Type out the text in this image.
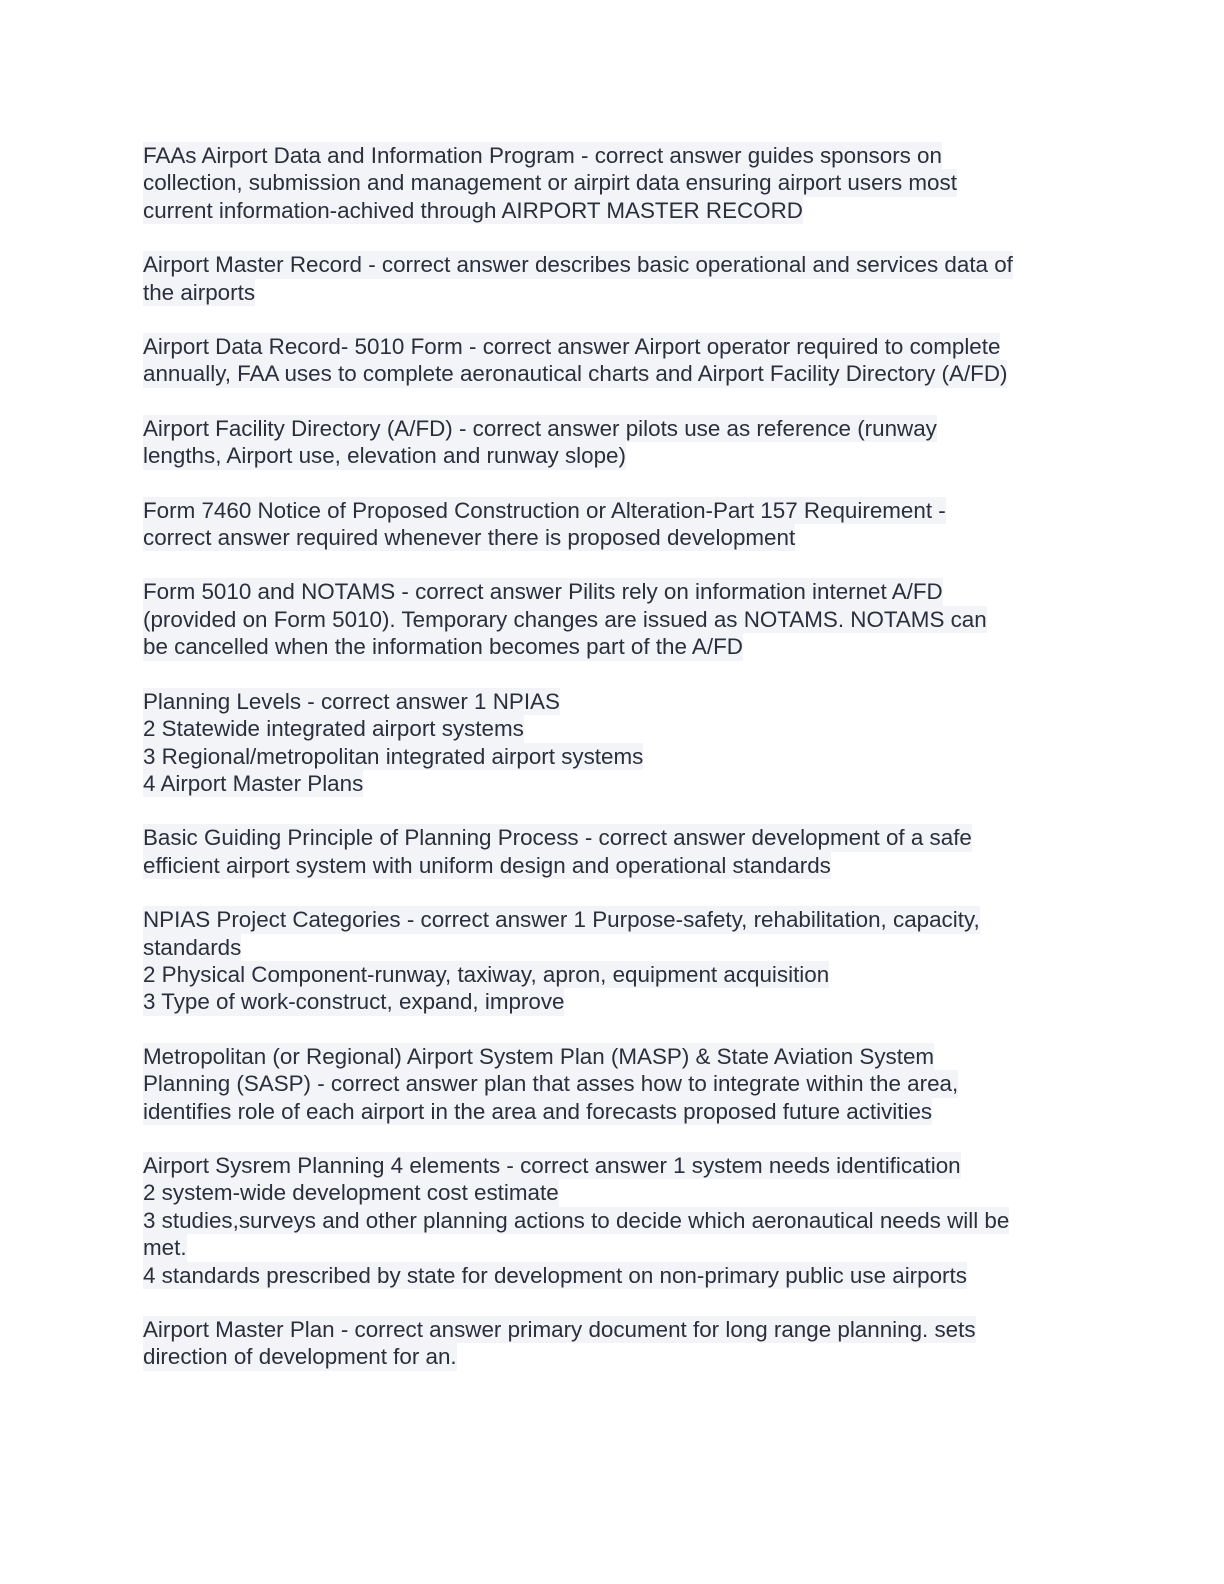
FAAs Airport Data and Information Program - correct answer guides sponsors on
collection, submission and management or airpirt data ensuring airport users most
current information-achived through AIRPORT MASTER RECORD
Airport Master Record - correct answer describes basic operational and services data of
the airports
Airport Data Record- 5010 Form - correct answer Airport operator required to complete
annually, FAA uses to complete aeronautical charts and Airport Facility Directory (A/FD)
Airport Facility Directory (A/FD) - correct answer pilots use as reference (runway
lengths, Airport use, elevation and runway slope)
Form 7460 Notice of Proposed Construction or Alteration-Part 157 Requirement -
correct answer required whenever there is proposed development
Form 5010 and NOTAMS - correct answer Pilits rely on information internet A/FD
(provided on Form 5010). Temporary changes are issued as NOTAMS. NOTAMS can
be cancelled when the information becomes part of the A/FD
Planning Levels - correct answer 1 NPIAS
2 Statewide integrated airport systems
3 Regional/metropolitan integrated airport systems
4 Airport Master Plans
Basic Guiding Principle of Planning Process - correct answer development of a safe
efficient airport system with uniform design and operational standards
NPIAS Project Categories - correct answer 1 Purpose-safety, rehabilitation, capacity,
standards
2 Physical Component-runway, taxiway, apron, equipment acquisition
3 Type of work-construct, expand, improve
Metropolitan (or Regional) Airport System Plan (MASP) & State Aviation System
Planning (SASP) - correct answer plan that asses how to integrate within the area,
identifies role of each airport in the area and forecasts proposed future activities
Airport Sysrem Planning 4 elements - correct answer 1 system needs identification
2 system-wide development cost estimate
3 studies,surveys and other planning actions to decide which aeronautical needs will be
met.
4 standards prescribed by state for development on non-primary public use airports
Airport Master Plan - correct answer primary document for long range planning. sets
direction of development for an.
